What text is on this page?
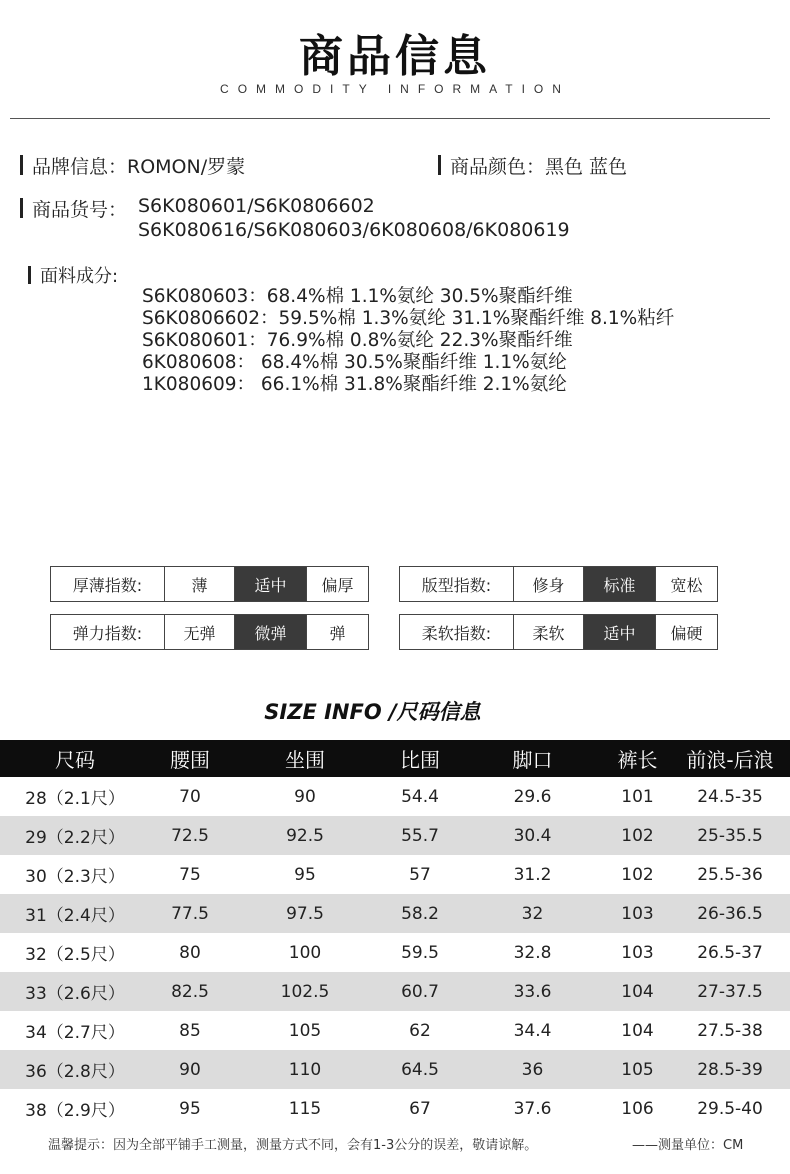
商品信息
COMMODITY INFORMATION
品牌信息：ROMON/罗蒙	商品颜色：黑色 蓝色
商品货号： S6K080601/S6K0806602
S6K080616/S6K080603/6K080608/6K080619
面料成分:
S6K080603：68.4%棉 1.1%氨纶 30.5%聚酯纤维
S6K0806602：59.5%棉 1.3%氨纶 31.1%聚酯纤维 8.1%粘纤
S6K080601：76.9%棉 0.8%氨纶 22.3%聚酯纤维
6K080608： 68.4%棉 30.5%聚酯纤维 1.1%氨纶
1K080609： 66.1%棉 31.8%聚酯纤维 2.1%氨纶
厚薄指数:	薄	适中	偏厚	版型指数:	修身	标准	宽松
弹力指数:	无弹	微弹	弹	柔软指数:	柔软	适中	偏硬
SIZE INFO /尺码信息
尺码	腰围	坐围	比围	脚口	裤长	前浪-后浪
28（2.1尺）	70	90	54.4	29.6	101	24.5-35
29（2.2尺）	72.5	92.5	55.7	30.4	102	25-35.5
30（2.3尺）	75	95	57	31.2	102	25.5-36
31（2.4尺）	77.5	97.5	58.2	32	103	26-36.5
32（2.5尺）	80	100	59.5	32.8	103	26.5-37
33（2.6尺）	82.5	102.5	60.7	33.6	104	27-37.5
34（2.7尺）	85	105	62	34.4	104	27.5-38
36（2.8尺）	90	110	64.5	36	105	28.5-39
38（2.9尺）	95	115	67	37.6	106	29.5-40
温馨提示：因为全部平铺手工测量，测量方式不同，会有1-3公分的误差，敬请谅解。	——测量单位：CM
